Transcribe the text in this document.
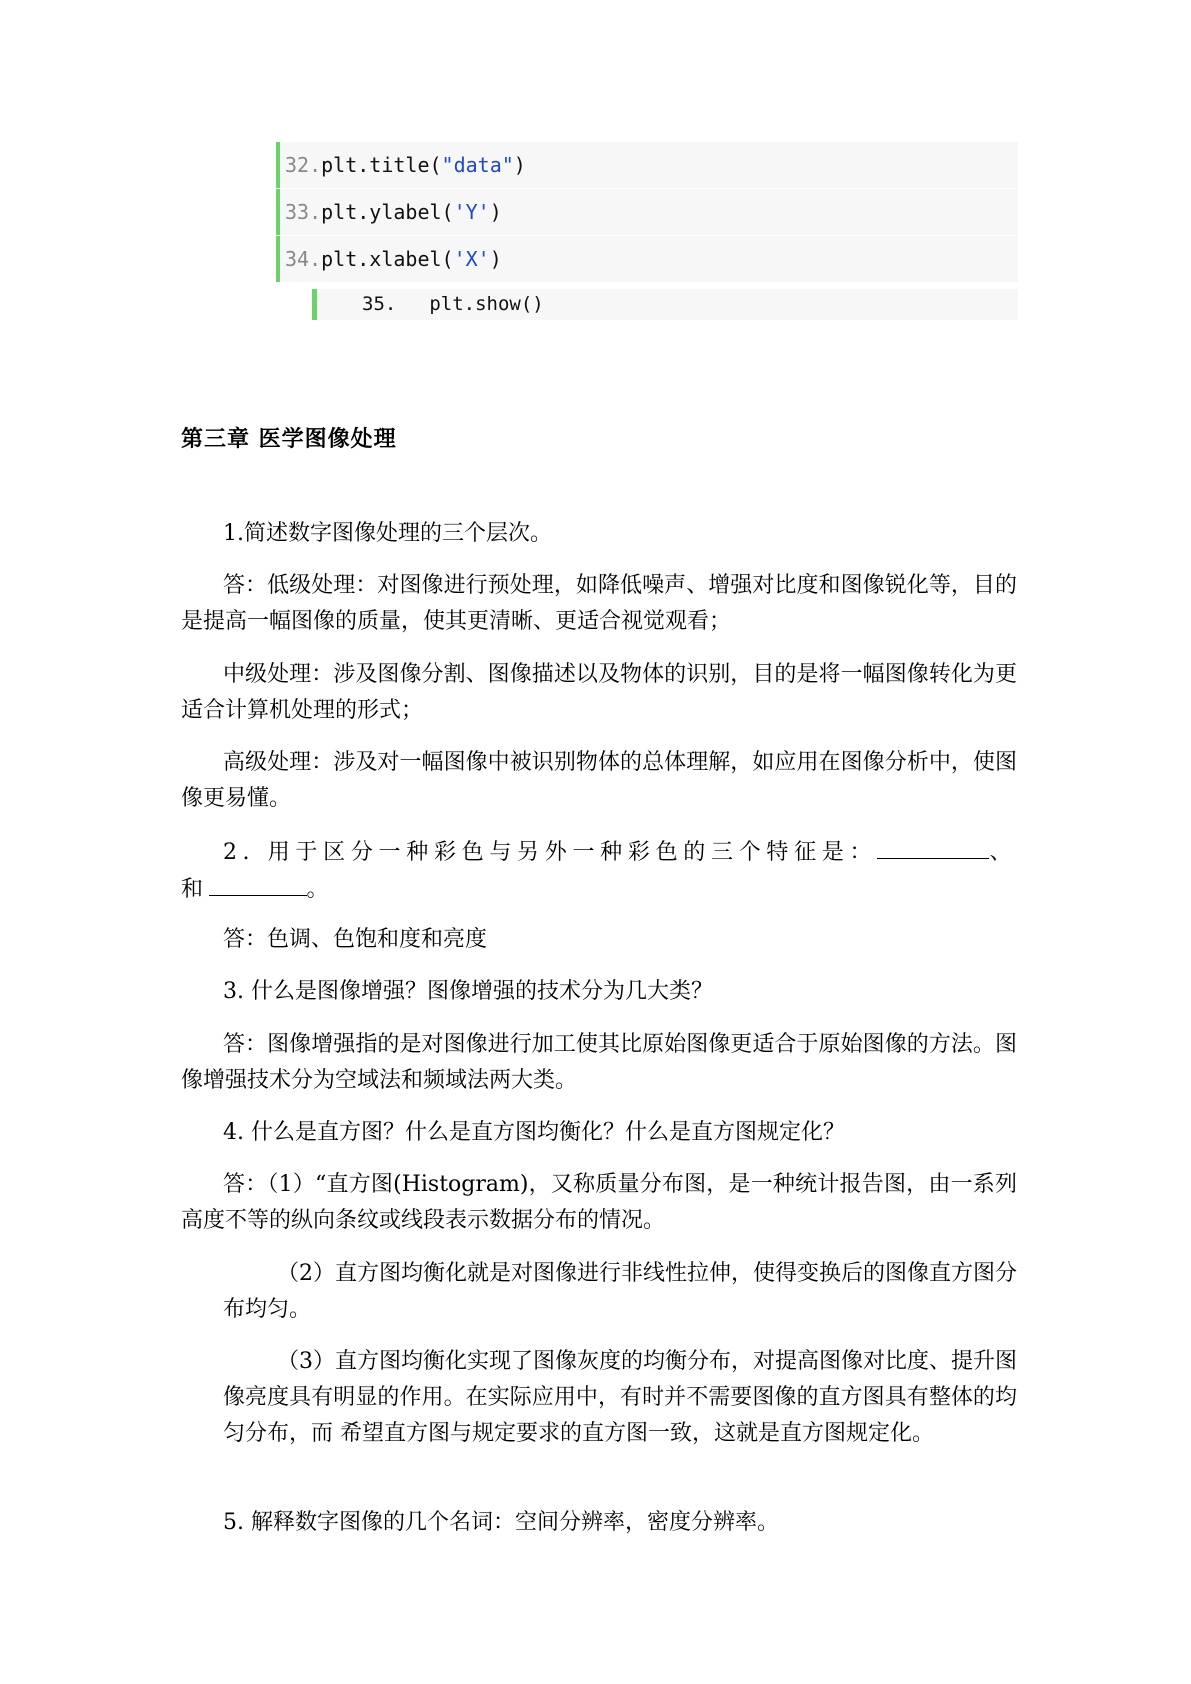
32.plt.title("data")
33.plt.ylabel('Y')
34.plt.xlabel('X')
35. plt.show()
第三章 医学图像处理

1.简述数字图像处理的三个层次。

答：低级处理：对图像进行预处理，如降低噪声、增强对比度和图像锐化等，目的是提高一幅图像的质量，使其更清晰、更适合视觉观看；

中级处理：涉及图像分割、图像描述以及物体的识别，目的是将一幅图像转化为更适合计算机处理的形式；

高级处理：涉及对一幅图像中被识别物体的总体理解，如应用在图像分析中，使图像更易懂。

2. 用于区分一种彩色与另外一种彩色的三个特征是：	、和	。

答：色调、色饱和度和亮度

3. 什么是图像增强？图像增强的技术分为几大类？

答：图像增强指的是对图像进行加工使其比原始图像更适合于原始图像的方法。图像增强技术分为空域法和频域法两大类。

4. 什么是直方图？什么是直方图均衡化？什么是直方图规定化？

答：（1）“直方图(Histogram)，又称质量分布图，是一种统计报告图，由一系列高度不等的纵向条纹或线段表示数据分布的情况。

（2）直方图均衡化就是对图像进行非线性拉伸，使得变换后的图像直方图分布均匀。

（3）直方图均衡化实现了图像灰度的均衡分布，对提高图像对比度、提升图像亮度具有明显的作用。在实际应用中，有时并不需要图像的直方图具有整体的均匀分布，而 希望直方图与规定要求的直方图一致，这就是直方图规定化。

5. 解释数字图像的几个名词：空间分辨率，密度分辨率。
